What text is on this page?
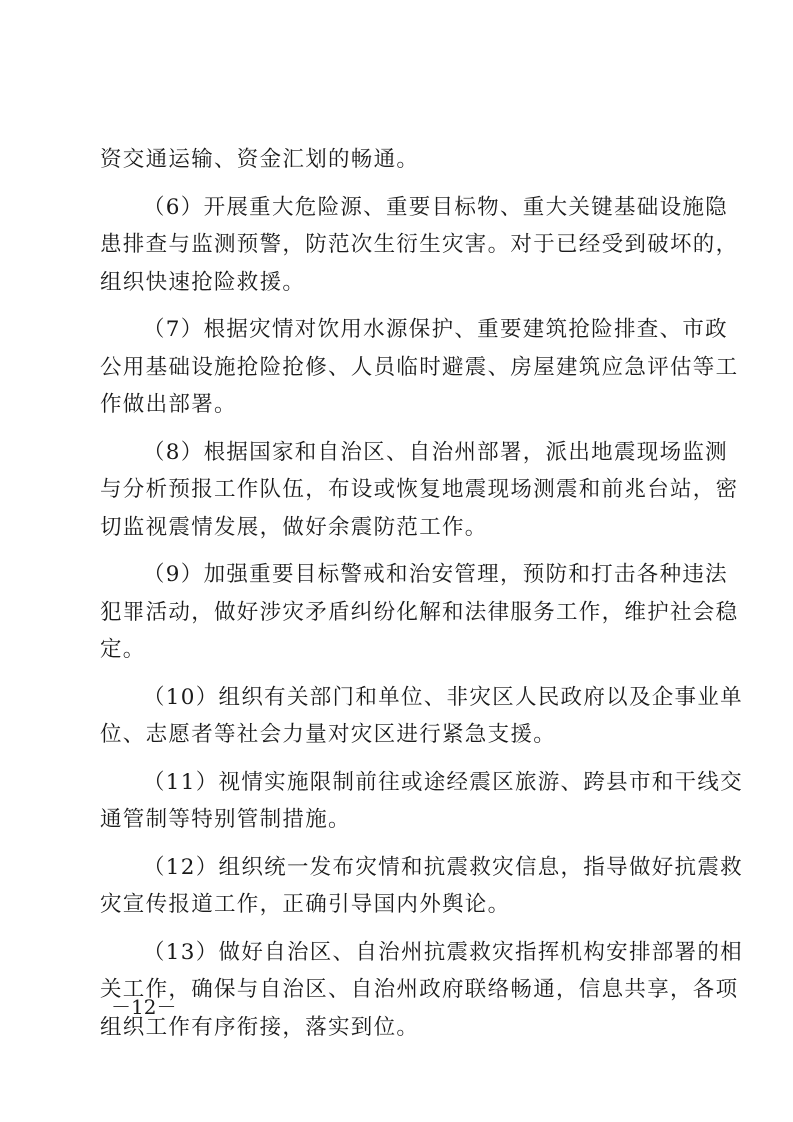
资交通运输、资金汇划的畅通。
（6）开展重大危险源、重要目标物、重大关键基础设施隐
患排查与监测预警，防范次生衍生灾害。对于已经受到破坏的，
组织快速抢险救援。
（7）根据灾情对饮用水源保护、重要建筑抢险排查、市政
公用基础设施抢险抢修、人员临时避震、房屋建筑应急评估等工
作做出部署。
（8）根据国家和自治区、自治州部署，派出地震现场监测
与分析预报工作队伍，布设或恢复地震现场测震和前兆台站，密
切监视震情发展，做好余震防范工作。
（9）加强重要目标警戒和治安管理，预防和打击各种违法
犯罪活动，做好涉灾矛盾纠纷化解和法律服务工作，维护社会稳
定。
（10）组织有关部门和单位、非灾区人民政府以及企事业单
位、志愿者等社会力量对灾区进行紧急支援。
（11）视情实施限制前往或途经震区旅游、跨县市和干线交
通管制等特别管制措施。
（12）组织统一发布灾情和抗震救灾信息，指导做好抗震救
灾宣传报道工作，正确引导国内外舆论。
（13）做好自治区、自治州抗震救灾指挥机构安排部署的相
关工作，确保与自治区、自治州政府联络畅通，信息共享，各项
组织工作有序衔接，落实到位。
－12－
